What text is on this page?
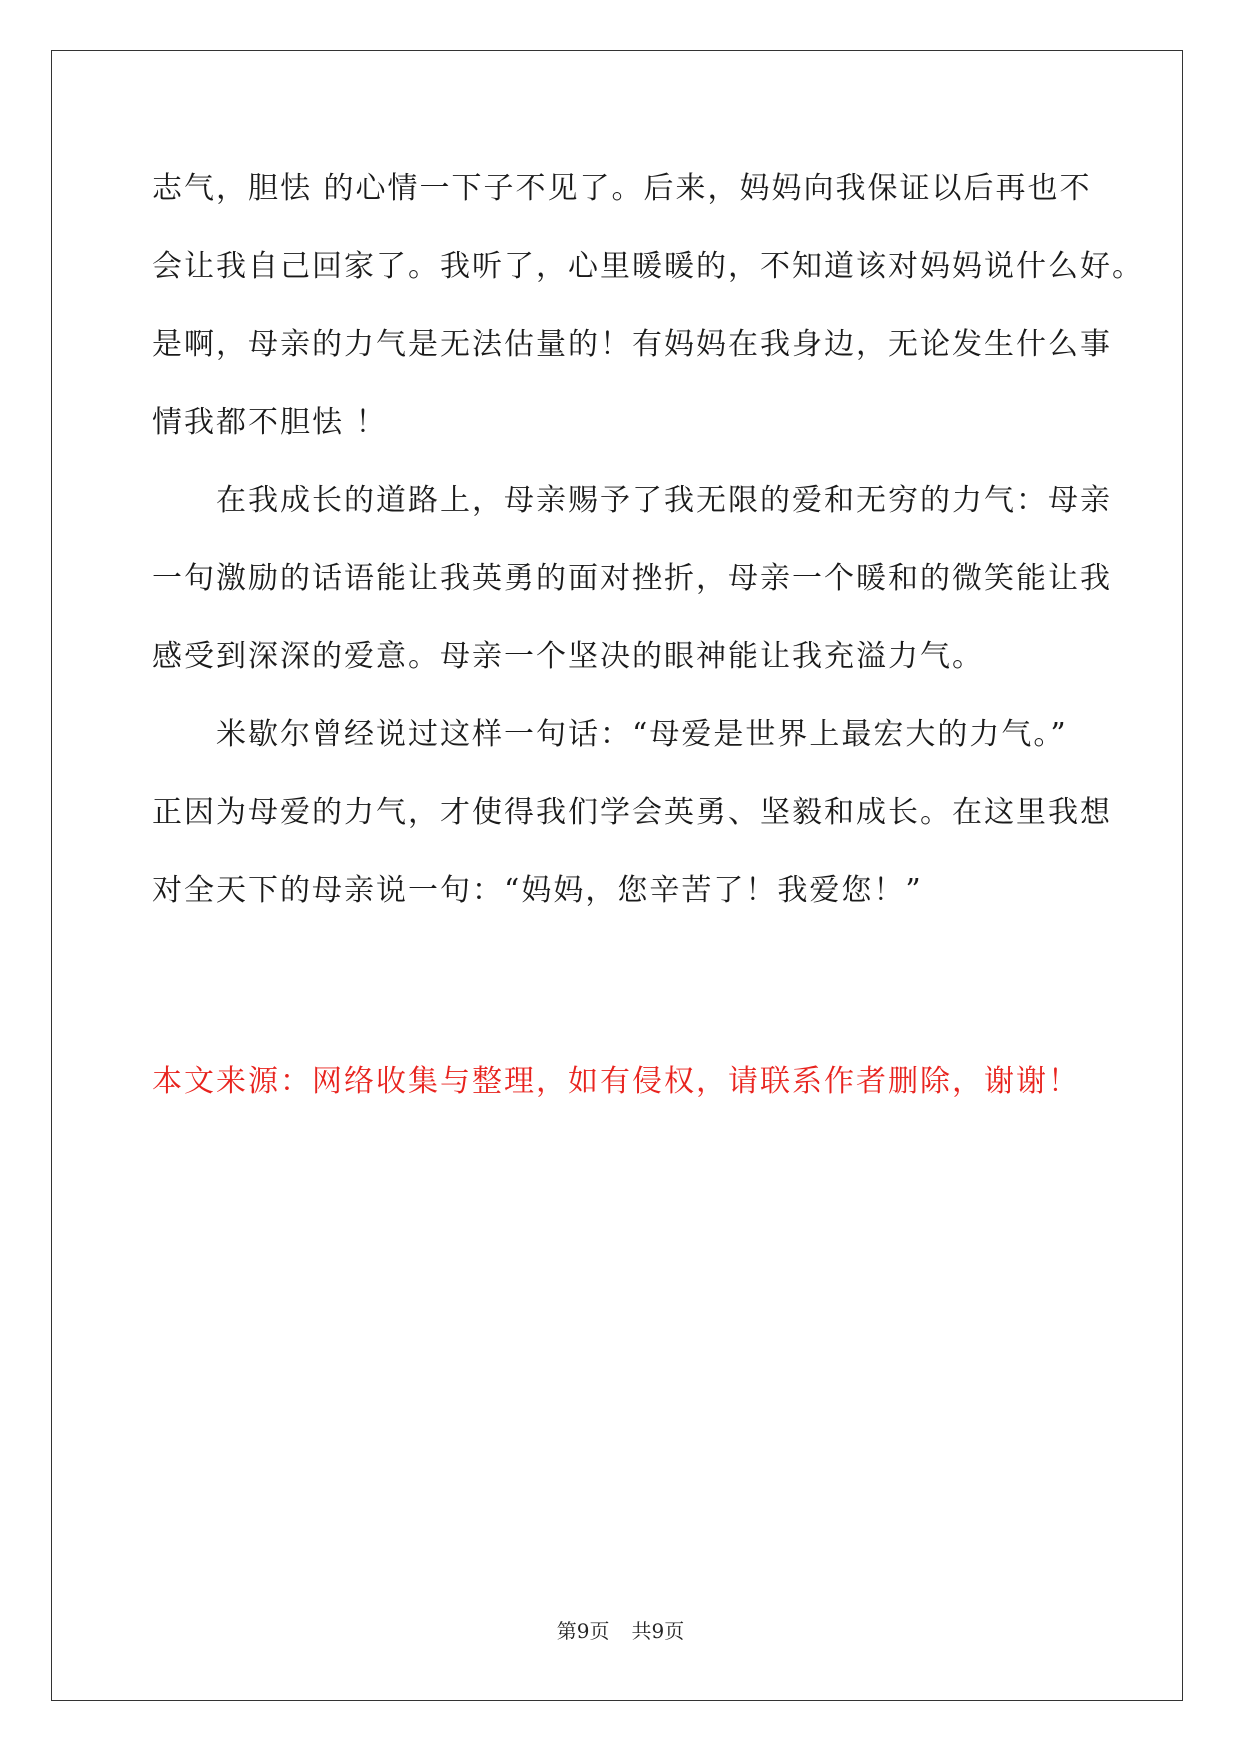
志气，胆怯 的心情一下子不见了。后来，妈妈向我保证以后再也不
会让我自己回家了。我听了，心里暖暖的，不知道该对妈妈说什么好。
是啊，母亲的力气是无法估量的！有妈妈在我身边，无论发生什么事
情我都不胆怯 ！
在我成长的道路上，母亲赐予了我无限的爱和无穷的力气：母亲
一句激励的话语能让我英勇的面对挫折，母亲一个暖和的微笑能让我
感受到深深的爱意。母亲一个坚决的眼神能让我充溢力气。
米歇尔曾经说过这样一句话：“母爱是世界上最宏大的力气。”
正因为母爱的力气，才使得我们学会英勇、坚毅和成长。在这里我想
对全天下的母亲说一句：“妈妈，您辛苦了！我爱您！”
本文来源：网络收集与整理，如有侵权，请联系作者删除，谢谢！
第9页 共9页
